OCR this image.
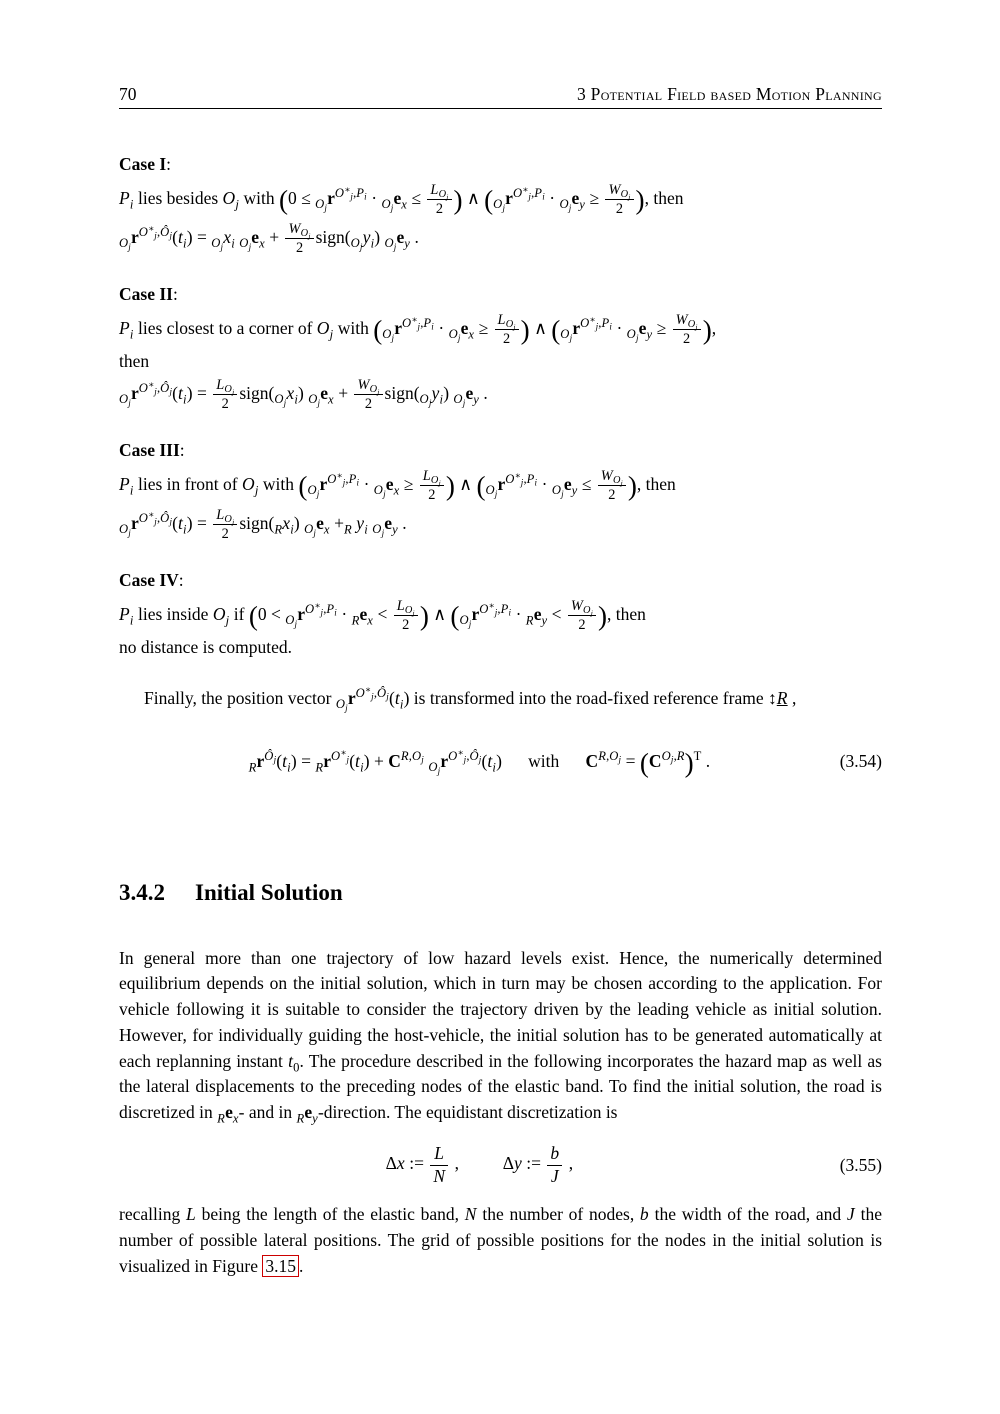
70	3 Potential Field based Motion Planning
Case I:
$P_i$ lies besides $O_j$ with ($0 \le _{O_j}r^{O^∗_j,P_i} \cdot _{O_j}e_x \le \frac{L_{O_j}}{2}$ ) ∧ ($_{O_j}r^{O^∗_j,P_i} \cdot _{O_j}e_y \ge \frac{W_{O_j}}{2}$ ), then
$_{O_j}r^{O^∗_j,Ô_j}(t_i) = _{O_j}x_i$ $_{O_j}e_x + \frac{W_{O_j}}{2}$ $sign(_{O_j}y_i)$ $_{O_j}e_y$ .
Case II:
$P_i$ lies closest to a corner of $O_j$ with ($_{O_j}r^{O^∗_j,P_i} \cdot _{O_j}e_x \ge \frac{L_{O_j}}{2}$ ) ∧ ($_{O_j}r^{O^∗_j,P_i} \cdot _{O_j}e_y \ge \frac{W_{O_j}}{2}$ ),
then
$_{O_j}r^{O^∗_j,Ô_j}(t_i) = \frac{L_{O_j}}{2}$ $sign(_{O_j}x_i) _{O_j}e_x + \frac{W_{O_j}}{2}$ $sign(_{O_j}y_i)$ $_{O_j}e_y$ .
Case III:
$P_i$ lies in front of $O_j$ with ($_{O_j}r^{O^∗_j,P_i} \cdot _{O_j}e_x \ge \frac{L_{O_j}}{2}$ ) ∧ ($_{O_j}r^{O^∗_j,P_i} \cdot _{O_j}e_y \le \frac{W_{O_j}}{2}$ ), then
$_{O_j}r^{O^∗_j,Ô_j}(t_i) = \frac{L_{O_j}}{2}$ $sign(_Rx_i)$ $_{O_j}e_x +_R$ $y_i$ $_{O_j}e_y$ .
Case IV:
$P_i$ lies inside $O_j$ if ($0 < _{O_j}r^{O^∗_j,P_i} \cdot _Re_x < \frac{L_{O_j}}{2}$ ) ∧ ($_{O_j}r^{O^∗_j,P_i} \cdot _Re_y < \frac{W_{O_j}}{2}$ ), then
no distance is computed.

Finally, the position vector $_{O_j}r^{O^∗_j,Ô_j}(t_i)$ is transformed into the road-fixed reference frame ↕R ,

$_Rr^{Ô_j}(t_i) = _Rr^{O^∗_j}(t_i) + C^{R,O_j}$ $_{O_j}r^{O^∗_j,Ô_j}(t_i)$  with  $C^{R,O_j} = (C^{O_j,R})^T$ .	(3.54)
3.4.2 Initial Solution

In general more than one trajectory of low hazard levels exist. Hence, the numerically determined equilibrium depends on the initial solution, which in turn may be chosen according to the application. For vehicle following it is suitable to consider the trajectory driven by the leading vehicle as initial solution. However, for individually guiding the host-vehicle, the initial solution has to be generated automatically at each replanning instant $t_0$. The procedure described in the following incorporates the hazard map as well as the lateral displacements to the preceding nodes of the elastic band. To find the initial solution, the road is discretized in $_Re_x-$ and in $_Re_y$-direction. The equidistant discretization is

Δx := $\frac{L}{N}$ ,   Δy := $\frac{b}{J}$ ,	(3.55)

recalling L being the length of the elastic band, N the number of nodes, b the width of the road, and J the number of possible lateral positions. The grid of possible positions for the nodes in the initial solution is visualized in Figure 3.15 .
